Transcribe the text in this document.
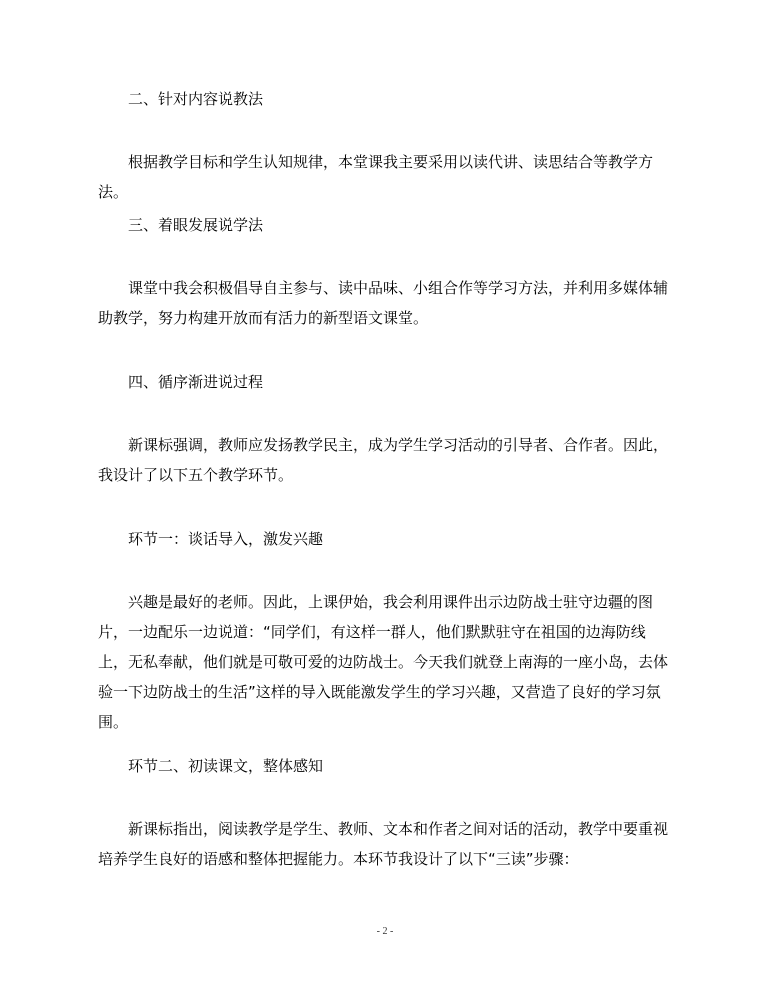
二、针对内容说教法

根据教学目标和学生认知规律，本堂课我主要采用以读代讲、读思结合等教学方法。

三、着眼发展说学法

课堂中我会积极倡导自主参与、读中品味、小组合作等学习方法，并利用多媒体辅助教学，努力构建开放而有活力的新型语文课堂。

四、循序渐进说过程

新课标强调，教师应发扬教学民主，成为学生学习活动的引导者、合作者。因此，我设计了以下五个教学环节。

环节一：谈话导入，激发兴趣

兴趣是最好的老师。因此，上课伊始，我会利用课件出示边防战士驻守边疆的图片，一边配乐一边说道：“同学们，有这样一群人，他们默默驻守在祖国的边海防线上，无私奉献，他们就是可敬可爱的边防战士。今天我们就登上南海的一座小岛，去体验一下边防战士的生活”这样的导入既能激发学生的学习兴趣，又营造了良好的学习氛围。

环节二、初读课文，整体感知

新课标指出，阅读教学是学生、教师、文本和作者之间对话的活动，教学中要重视培养学生良好的语感和整体把握能力。本环节我设计了以下“三读”步骤：

- 2 -
